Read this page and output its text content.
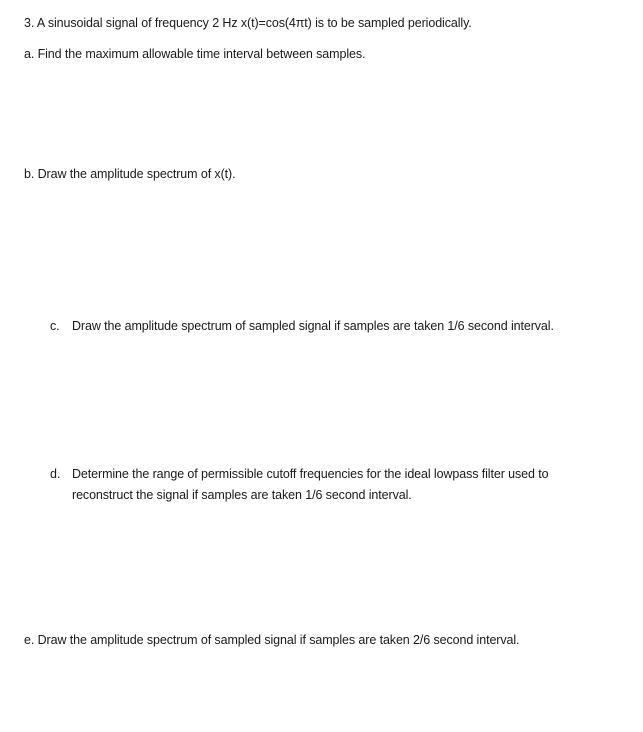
3. A sinusoidal signal of frequency 2 Hz x(t)=cos(4πt) is to be sampled periodically.
a. Find the maximum allowable time interval between samples.
b. Draw the amplitude spectrum of x(t).
c. Draw the amplitude spectrum of sampled signal if samples are taken 1/6 second interval.
d. Determine the range of permissible cutoff frequencies for the ideal lowpass filter used to
reconstruct the signal if samples are taken 1/6 second interval.
e. Draw the amplitude spectrum of sampled signal if samples are taken 2/6 second interval.
